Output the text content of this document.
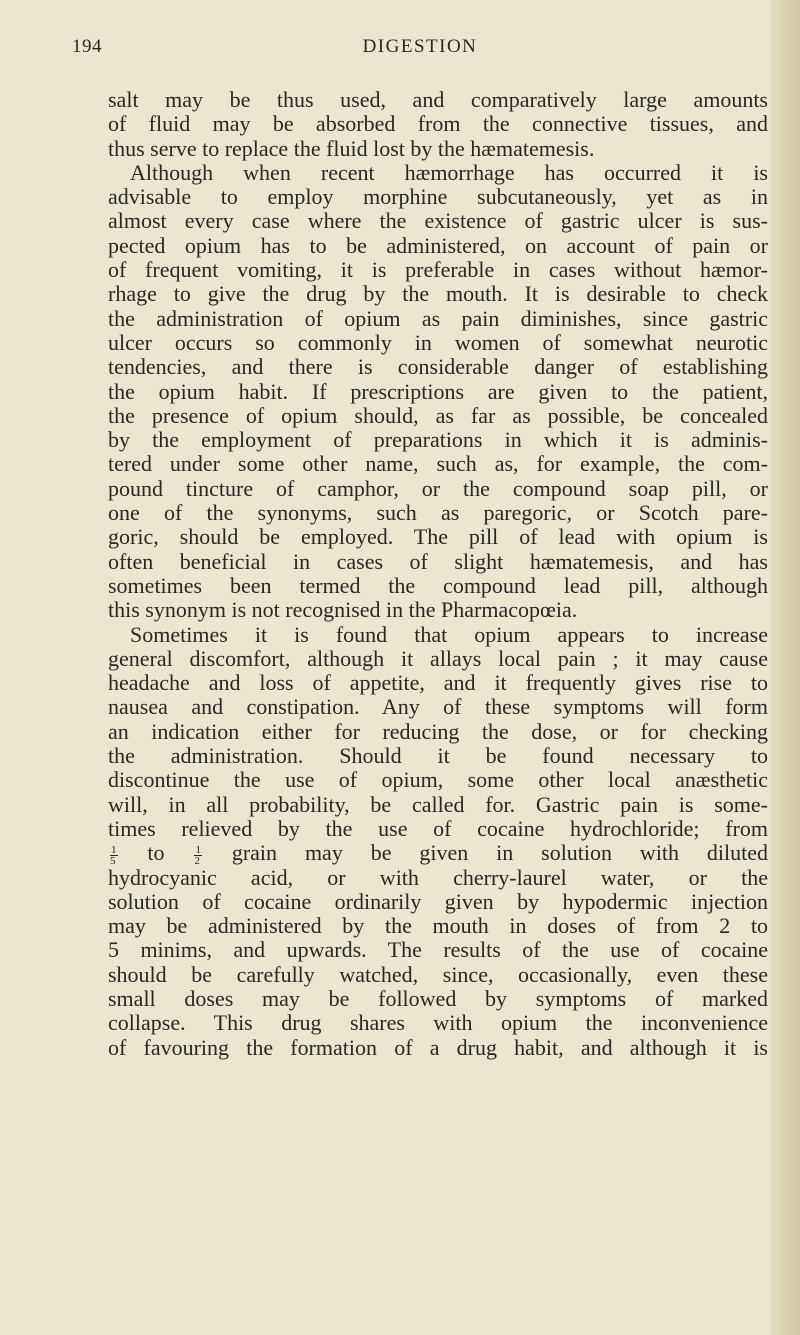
194	DIGESTION
salt may be thus used, and comparatively large amounts
of fluid may be absorbed from the connective tissues, and
thus serve to replace the fluid lost by the hæmatemesis.
Although when recent hæmorrhage has occurred it is
advisable to employ morphine subcutaneously, yet as in
almost every case where the existence of gastric ulcer is sus-
pected opium has to be administered, on account of pain or
of frequent vomiting, it is preferable in cases without hæmor-
rhage to give the drug by the mouth. It is desirable to check
the administration of opium as pain diminishes, since gastric
ulcer occurs so commonly in women of somewhat neurotic
tendencies, and there is considerable danger of establishing
the opium habit. If prescriptions are given to the patient,
the presence of opium should, as far as possible, be concealed
by the employment of preparations in which it is adminis-
tered under some other name, such as, for example, the com-
pound tincture of camphor, or the compound soap pill, or
one of the synonyms, such as paregoric, or Scotch pare-
goric, should be employed. The pill of lead with opium is
often beneficial in cases of slight hæmatemesis, and has
sometimes been termed the compound lead pill, although
this synonym is not recognised in the Pharmacopœia.
Sometimes it is found that opium appears to increase
general discomfort, although it allays local pain ; it may cause
headache and loss of appetite, and it frequently gives rise to
nausea and constipation. Any of these symptoms will form
an indication either for reducing the dose, or for checking
the administration. Should it be found necessary to
discontinue the use of opium, some other local anæsthetic
will, in all probability, be called for. Gastric pain is some-
times relieved by the use of cocaine hydrochloride; from
$\frac{1}{5}$ to	$\frac{1}{2}$ grain may be given in solution with diluted
hydrocyanic acid, or with cherry-laurel water, or the
solution of cocaine ordinarily given by hypodermic injection
may be administered by the mouth in doses of from 2 to
5 minims, and upwards. The results of the use of cocaine
should be carefully watched, since, occasionally, even these
small doses may be followed by symptoms of marked
collapse. This drug shares with opium the inconvenience
of favouring the formation of a drug habit, and although it is
